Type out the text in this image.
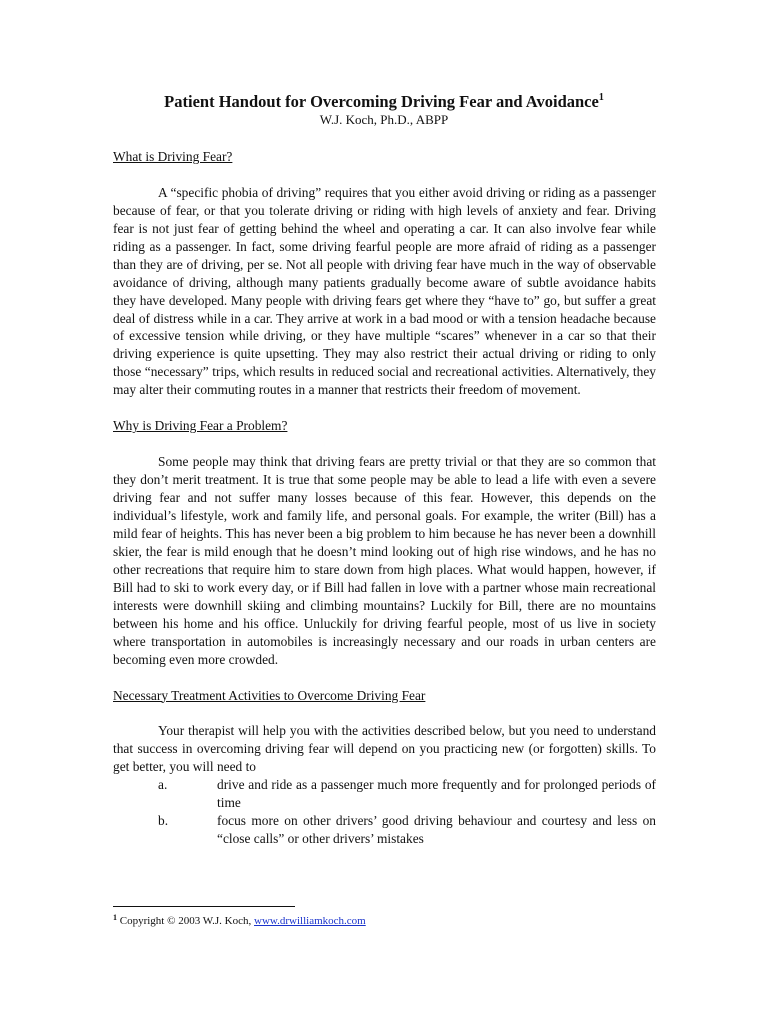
Patient Handout for Overcoming Driving Fear and Avoidance$^1$
W.J. Koch, Ph.D., ABPP

What is Driving Fear?

A “specific phobia of driving” requires that you either avoid driving or riding as a passenger because of fear, or that you tolerate driving or riding with high levels of anxiety and fear. Driving fear is not just fear of getting behind the wheel and operating a car. It can also involve fear while riding as a passenger. In fact, some driving fearful people are more afraid of riding as a passenger than they are of driving, per se. Not all people with driving fear have much in the way of observable avoidance of driving, although many patients gradually become aware of subtle avoidance habits they have developed. Many people with driving fears get where they “have to” go, but suffer a great deal of distress while in a car. They arrive at work in a bad mood or with a tension headache because of excessive tension while driving, or they have multiple “scares” whenever in a car so that their driving experience is quite upsetting. They may also restrict their actual driving or riding to only those “necessary” trips, which results in reduced social and recreational activities. Alternatively, they may alter their commuting routes in a manner that restricts their freedom of movement.

Why is Driving Fear a Problem?

Some people may think that driving fears are pretty trivial or that they are so common that they don’t merit treatment. It is true that some people may be able to lead a life with even a severe driving fear and not suffer many losses because of this fear. However, this depends on the individual’s lifestyle, work and family life, and personal goals. For example, the writer (Bill) has a mild fear of heights. This has never been a big problem to him because he has never been a downhill skier, the fear is mild enough that he doesn’t mind looking out of high rise windows, and he has no other recreations that require him to stare down from high places. What would happen, however, if Bill had to ski to work every day, or if Bill had fallen in love with a partner whose main recreational interests were downhill skiing and climbing mountains? Luckily for Bill, there are no mountains between his home and his office. Unluckily for driving fearful people, most of us live in society where transportation in automobiles is increasingly necessary and our roads in urban centers are becoming even more crowded.

Necessary Treatment Activities to Overcome Driving Fear

Your therapist will help you with the activities described below, but you need to understand that success in overcoming driving fear will depend on you practicing new (or forgotten) skills. To get better, you will need to

a.	drive and ride as a passenger much more frequently and for prolonged periods of time
b.	focus more on other drivers’ good driving behaviour and courtesy and less on “close calls” or other drivers’ mistakes
$^1$ Copyright © 2003 W.J. Koch, www.drwilliamkoch.com
